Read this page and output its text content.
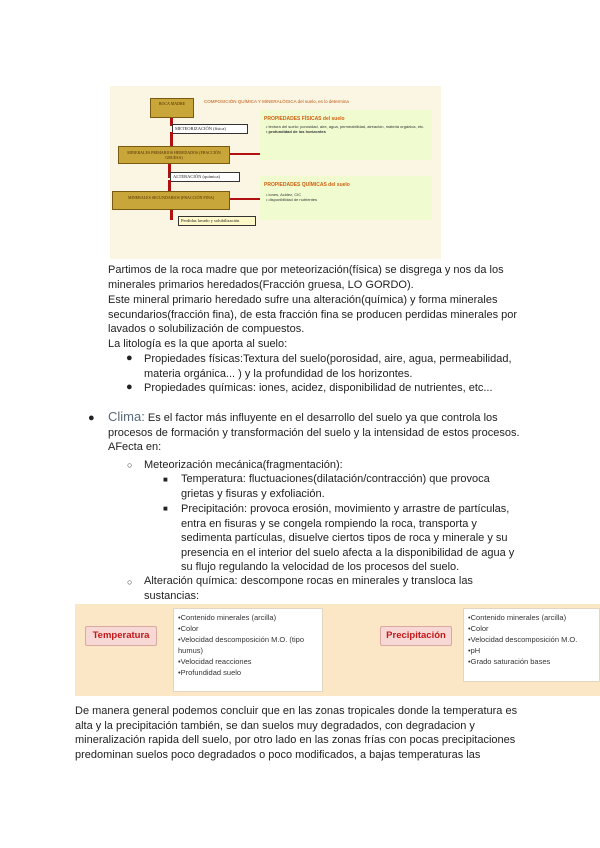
COMPOSICIÓN QUÍMICA Y MINERALÓGICA del suelo, es lo determina
ROCA MADRE
METEORIZACIÓN (física)
MINERALES PRIMARIOS HEREDADOS (FRACCIÓN GRUESA)
ALTERACIÓN (química)
MINERALES SECUNDARIOS (FRACCIÓN FINA)
Perdidas lavado y solubilización
PROPIEDADES FÍSICAS del suelo
• textura del suelo: porosidad, aire, agua, permeabilidad, aireación, materia orgánica, etc.
• profundidad de los horizontes
PROPIEDADES QUÍMICAS del suelo
• iones, Acidez, CIC
• disponibilidad de nutrientes
Partimos de la roca madre que por meteorización(física) se disgrega y nos da los minerales primarios heredados(Fracción gruesa, LO GORDO).
Este mineral primario heredado sufre una alteración(química) y forma minerales secundarios(fracción fina), de esta fracción fina se producen perdidas minerales por lavados o solubilización de compuestos.
La litología es la que aporta al suelo:
● Propiedades físicas:Textura del suelo(porosidad, aire, agua, permeabilidad, materia orgánica... ) y la profundidad de los horizontes.
● Propiedades químicas: iones, acidez, disponibilidad de nutrientes, etc...
● Clima: Es el factor más influyente en el desarrollo del suelo ya que controla los procesos de formación y transformación del suelo y la intensidad de estos procesos. AFecta en:
○ Meteorización mecánica(fragmentación):
■ Temperatura: fluctuaciones(dilatación/contracción) que provoca grietas y fisuras y exfoliación.
■ Precipitación: provoca erosión, movimiento y arrastre de partículas, entra en fisuras y se congela rompiendo la roca, transporta y sedimenta partículas, disuelve ciertos tipos de roca y minerale y su presencia en el interior del suelo afecta a la disponibilidad de agua y su flujo regulando la velocidad de los procesos del suelo.
○ Alteración química: descompone rocas en minerales y transloca las sustancias:
Temperatura
•Contenido minerales (arcilla)
•Color
•Velocidad descomposición M.O. (tipo humus)
•Velocidad reacciones
•Profundidad suelo
Precipitación
•Contenido minerales (arcilla)
•Color
•Velocidad descomposición M.O.
•pH
•Grado saturación bases
De manera general podemos concluir que en las zonas tropicales donde la temperatura es alta y la precipitación también, se dan suelos muy degradados, con degradacion y mineralización rapida dell suelo, por otro lado en las zonas frías con pocas precipitaciones predominan suelos poco degradados o poco modificados, a bajas temperaturas las
